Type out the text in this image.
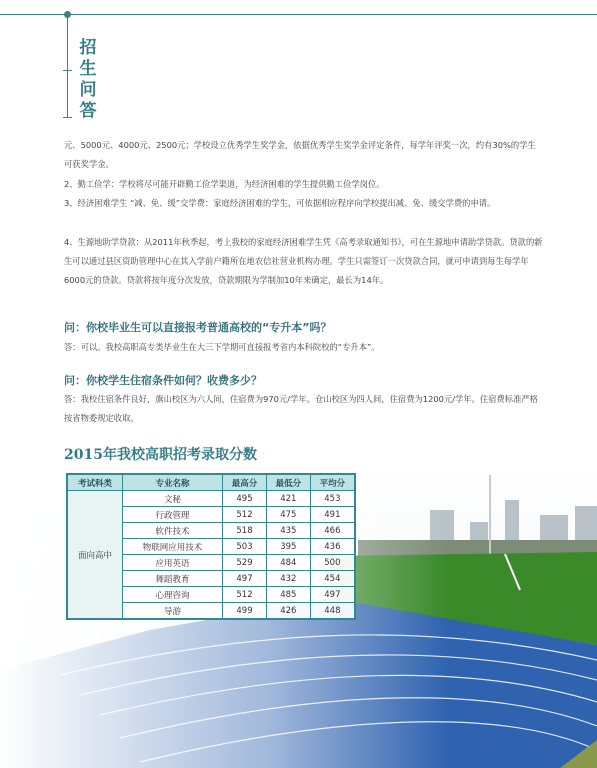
招生问答

元、5000元、4000元、2500元；学校设立优秀学生奖学金，依据优秀学生奖学金评定条件，每学年评奖一次，约有30%的学生可获奖学金。

2、勤工俭学：学校将尽可能开辟勤工俭学渠道，为经济困难的学生提供勤工俭学岗位。

3、经济困难学生 “减、免、缓”交学费：家庭经济困难的学生，可依据相应程序向学校提出减、免、缓交学费的申请。

4、生源地助学贷款：从2011年秋季起，考上我校的家庭经济困难学生凭《高考录取通知书》，可在生源地申请助学贷款。贷款的新生可以通过县区资助管理中心在其入学前户籍所在地农信社营业机构办理。学生只需签订一次贷款合同，就可申请到每生每学年6000元的贷款。贷款将按年度分次发放，贷款期限为学制加10年来确定，最长为14年。

问：你校毕业生可以直接报考普通高校的“专升本”吗？

答：可以。我校高职高专类毕业生在大三下学期可直接报考省内本科院校的“专升本”。

问：你校学生住宿条件如何？收费多少？

答：我校住宿条件良好，旗山校区为六人间，住宿费为970元/学年。仓山校区为四人间，住宿费为1200元/学年。住宿费标准严格按省物委规定收取。

2015年我校高职招考录取分数

考试科类	专业名称	最高分	最低分	平均分
面向高中	文秘	495	421	453
	行政管理	512	475	491
	软件技术	518	435	466
	物联网应用技术	503	395	436
	应用英语	529	484	500
	舞蹈教育	497	432	454
	心理咨询	512	485	497
	导游	499	426	448
